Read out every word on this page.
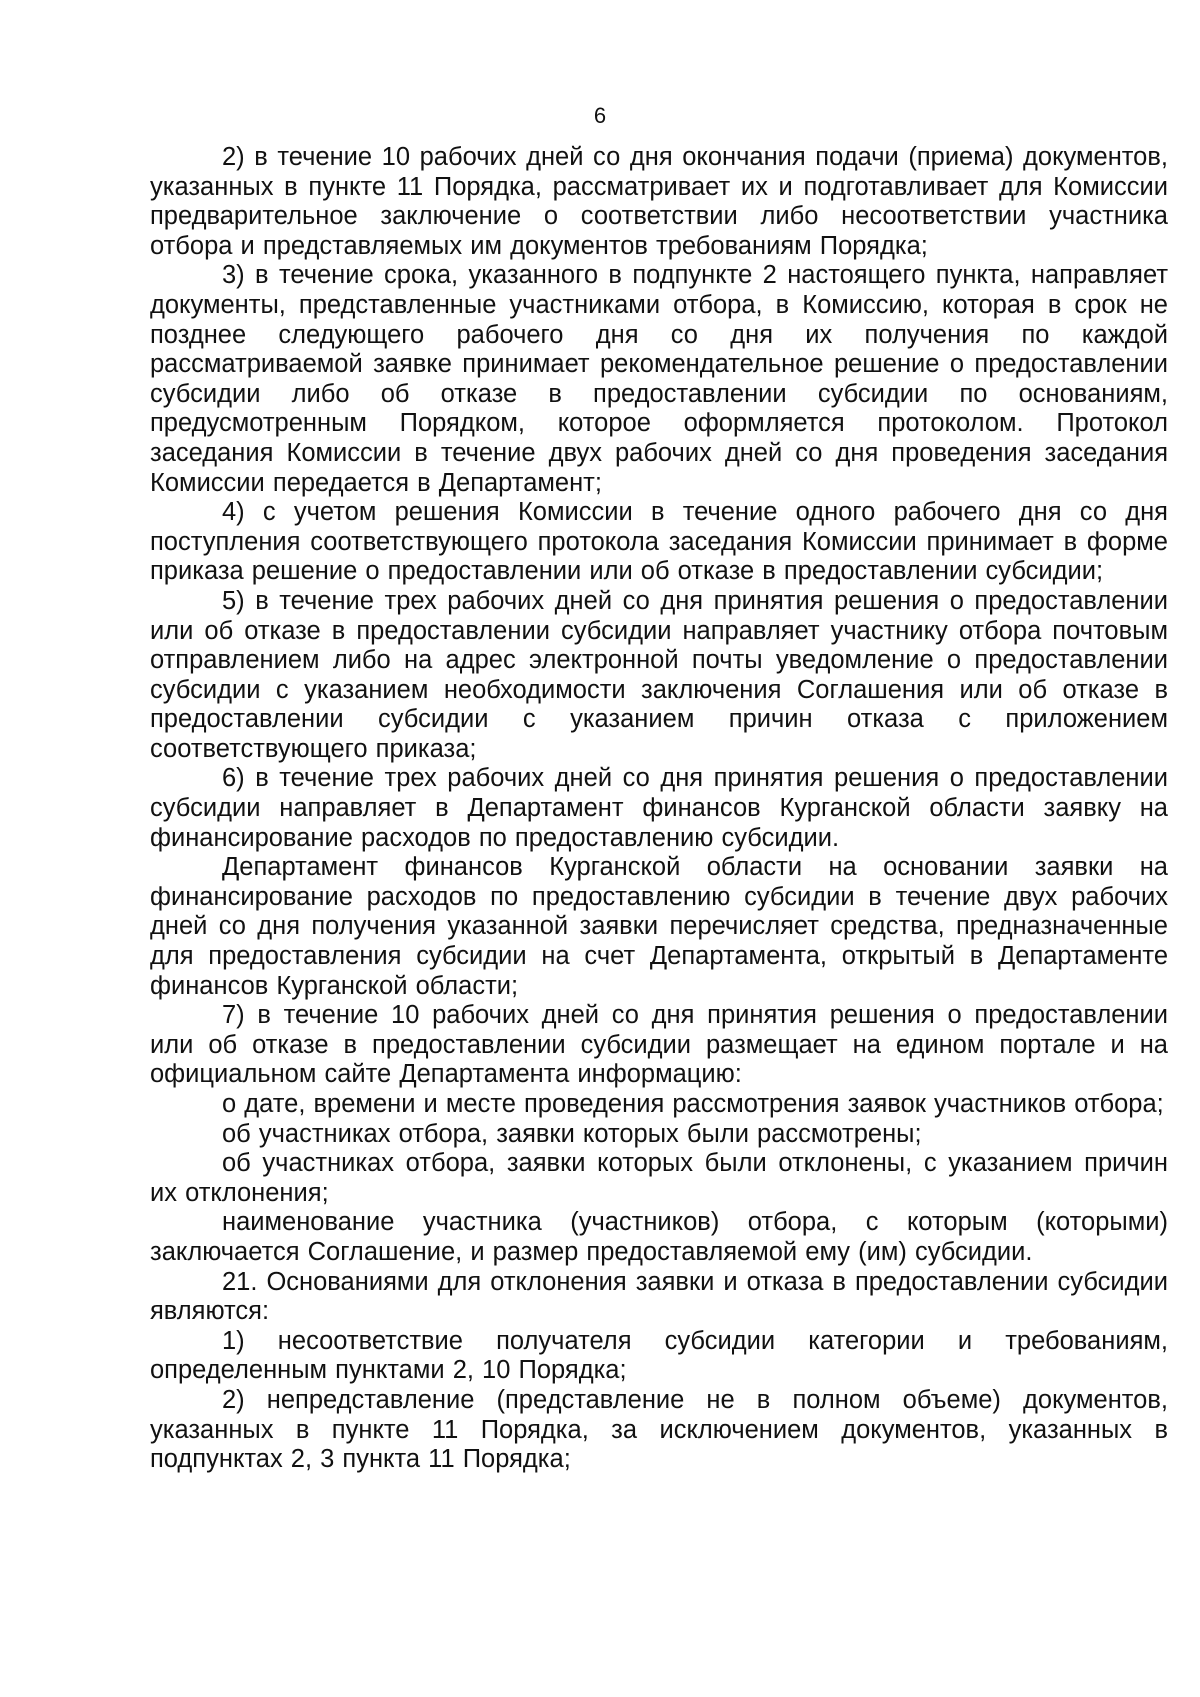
6

2) в течение 10 рабочих дней со дня окончания подачи (приема) документов, указанных в пункте 11 Порядка, рассматривает их и подготавливает для Комиссии предварительное заключение о соответствии либо несоответствии участника отбора и представляемых им документов требованиям Порядка;

3) в течение срока, указанного в подпункте 2 настоящего пункта, направляет документы, представленные участниками отбора, в Комиссию, которая в срок не позднее следующего рабочего дня со дня их получения по каждой рассматриваемой заявке принимает рекомендательное решение о предоставлении субсидии либо об отказе в предоставлении субсидии по основаниям, предусмотренным Порядком, которое оформляется протоколом. Протокол заседания Комиссии в течение двух рабочих дней со дня проведения заседания Комиссии передается в Департамент;

4) с учетом решения Комиссии в течение одного рабочего дня со дня поступления соответствующего протокола заседания Комиссии принимает в форме приказа решение о предоставлении или об отказе в предоставлении субсидии;

5) в течение трех рабочих дней со дня принятия решения о предоставлении или об отказе в предоставлении субсидии направляет участнику отбора почтовым отправлением либо на адрес электронной почты уведомление о предоставлении субсидии с указанием необходимости заключения Соглашения или об отказе в предоставлении субсидии с указанием причин отказа с приложением соответствующего приказа;

6) в течение трех рабочих дней со дня принятия решения о предоставлении субсидии направляет в Департамент финансов Курганской области заявку на финансирование расходов по предоставлению субсидии.

Департамент финансов Курганской области на основании заявки на финансирование расходов по предоставлению субсидии в течение двух рабочих дней со дня получения указанной заявки перечисляет средства, предназначенные для предоставления субсидии на счет Департамента, открытый в Департаменте финансов Курганской области;

7) в течение 10 рабочих дней со дня принятия решения о предоставлении или об отказе в предоставлении субсидии размещает на едином портале и на официальном сайте Департамента информацию:

о дате, времени и месте проведения рассмотрения заявок участников отбора;

об участниках отбора, заявки которых были рассмотрены;

об участниках отбора, заявки которых были отклонены, с указанием причин их отклонения;

наименование участника (участников) отбора, с которым (которыми) заключается Соглашение, и размер предоставляемой ему (им) субсидии.

21. Основаниями для отклонения заявки и отказа в предоставлении субсидии являются:

1) несоответствие получателя субсидии категории и требованиям, определенным пунктами 2, 10 Порядка;

2) непредставление (представление не в полном объеме) документов, указанных в пункте 11 Порядка, за исключением документов, указанных в подпунктах 2, 3 пункта 11 Порядка;
